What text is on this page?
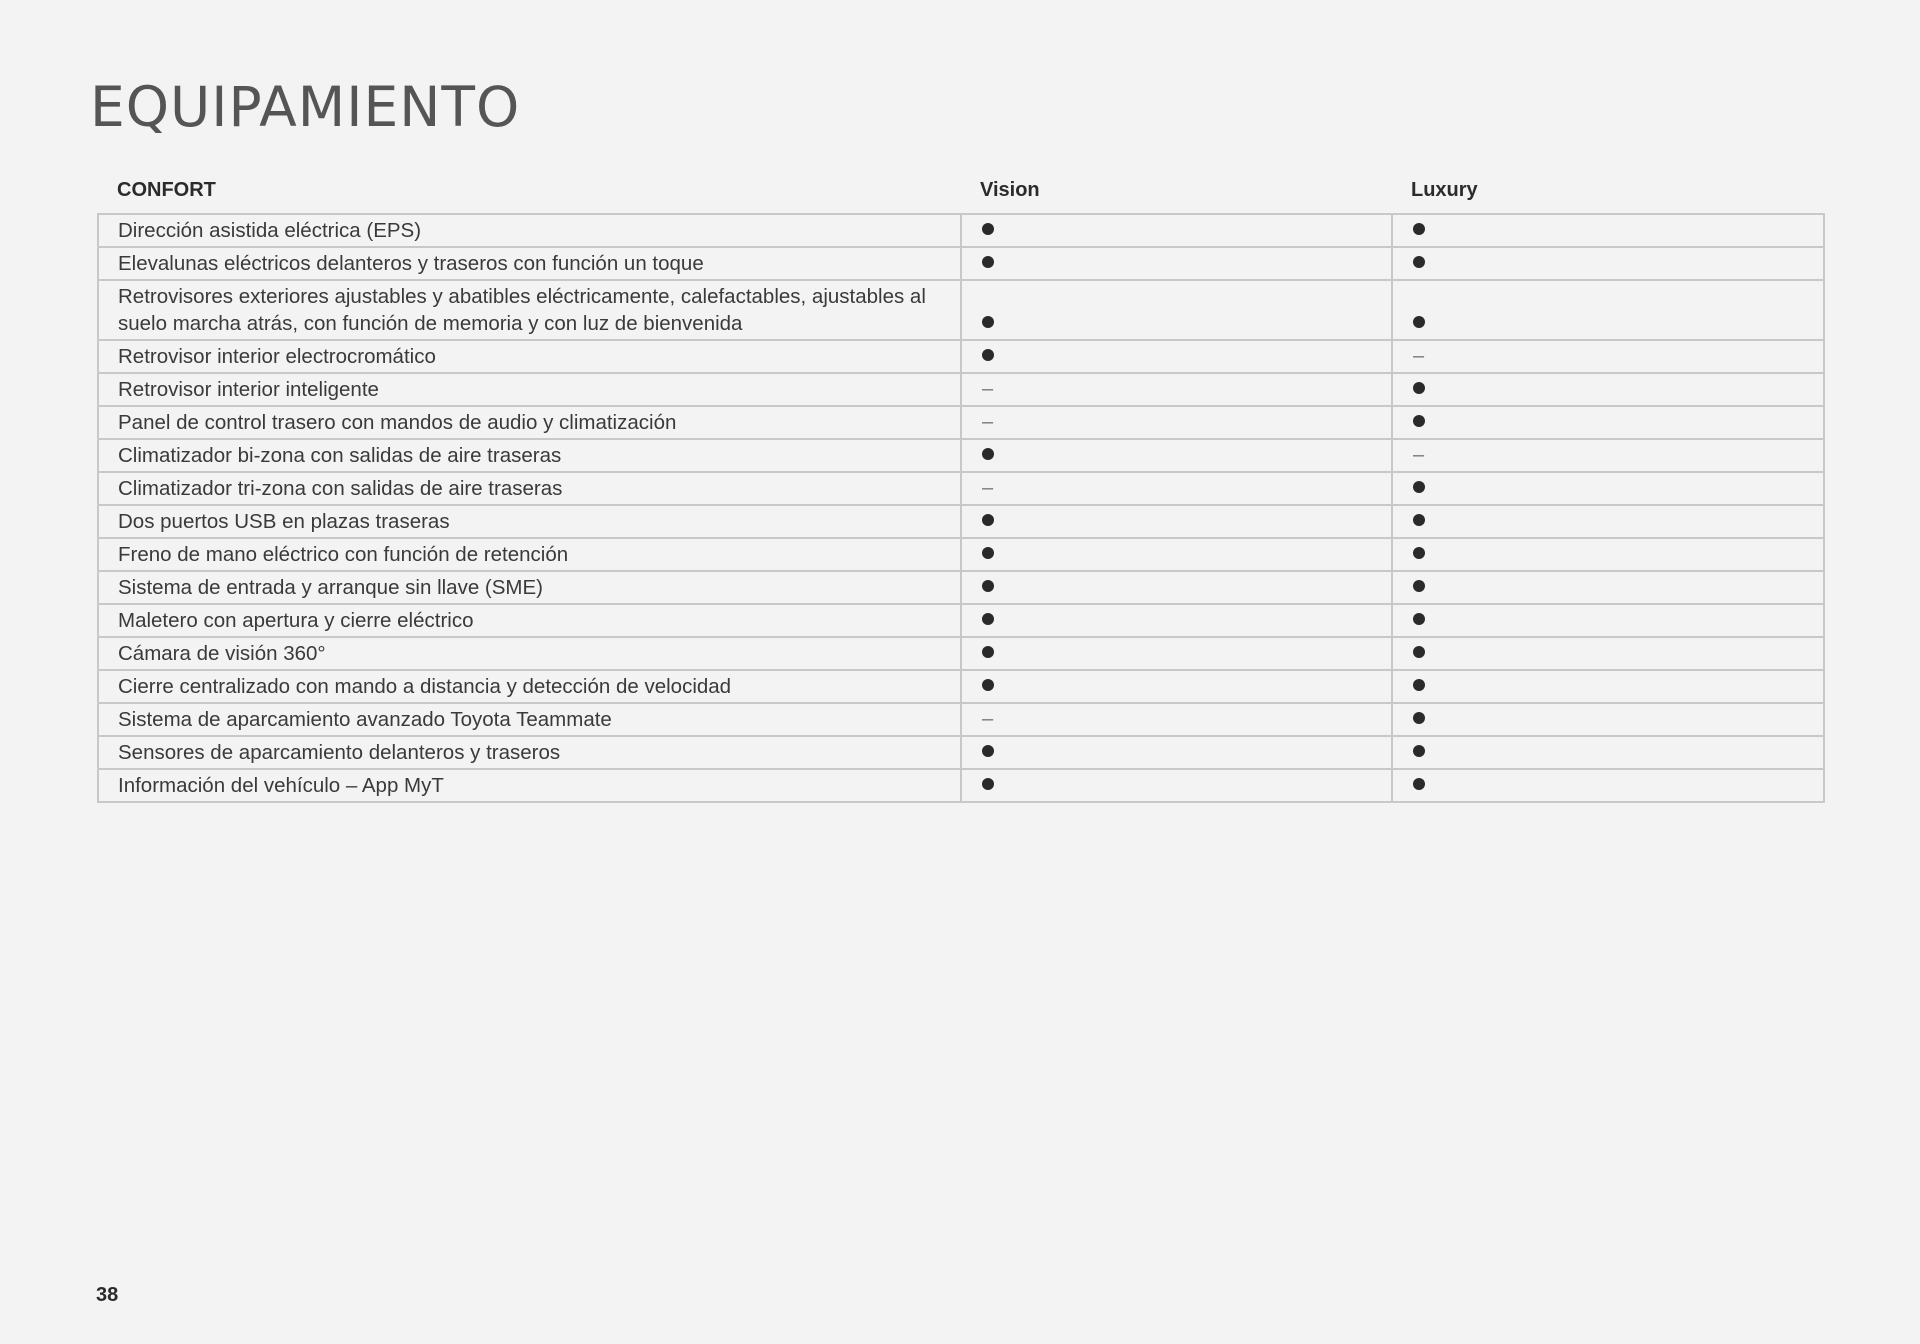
EQUIPAMIENTO
CONFORT	Vision	Luxury
Dirección asistida eléctrica (EPS)		
Elevalunas eléctricos delanteros y traseros con función un toque		
Retrovisores exteriores ajustables y abatibles eléctricamente, calefactables, ajustables al suelo marcha atrás, con función de memoria y con luz de bienvenida		
Retrovisor interior electrocromático		–
Retrovisor interior inteligente	–	
Panel de control trasero con mandos de audio y climatización	–	
Climatizador bi-zona con salidas de aire traseras		–
Climatizador tri-zona con salidas de aire traseras	–	
Dos puertos USB en plazas traseras		
Freno de mano eléctrico con función de retención		
Sistema de entrada y arranque sin llave (SME)		
Maletero con apertura y cierre eléctrico		
Cámara de visión 360°		
Cierre centralizado con mando a distancia y detección de velocidad		
Sistema de aparcamiento avanzado Toyota Teammate	–	
Sensores de aparcamiento delanteros y traseros		
Información del vehículo – App MyT		
38
